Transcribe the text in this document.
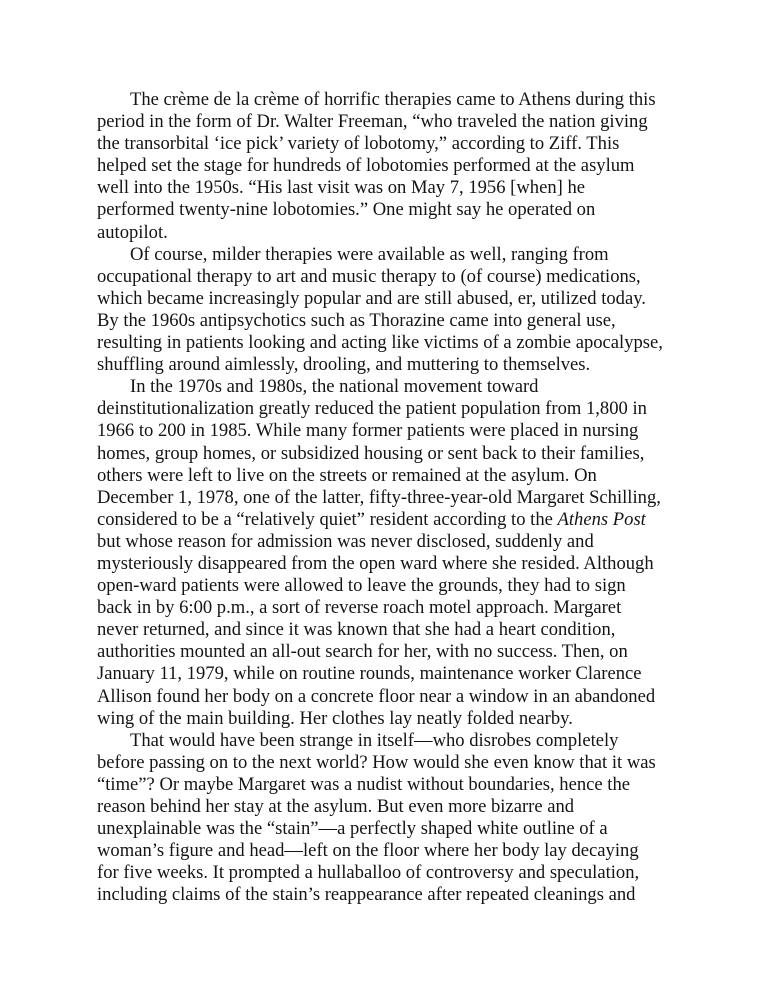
The crème de la crème of horrific therapies came to Athens during this
period in the form of Dr. Walter Freeman, “who traveled the nation giving
the transorbital ‘ice pick’ variety of lobotomy,” according to Ziff. This
helped set the stage for hundreds of lobotomies performed at the asylum
well into the 1950s. “His last visit was on May 7, 1956 [when] he
performed twenty-nine lobotomies.” One might say he operated on
autopilot.
Of course, milder therapies were available as well, ranging from
occupational therapy to art and music therapy to (of course) medications,
which became increasingly popular and are still abused, er, utilized today.
By the 1960s antipsychotics such as Thorazine came into general use,
resulting in patients looking and acting like victims of a zombie apocalypse,
shuffling around aimlessly, drooling, and muttering to themselves.
In the 1970s and 1980s, the national movement toward
deinstitutionalization greatly reduced the patient population from 1,800 in
1966 to 200 in 1985. While many former patients were placed in nursing
homes, group homes, or subsidized housing or sent back to their families,
others were left to live on the streets or remained at the asylum. On
December 1, 1978, one of the latter, fifty-three-year-old Margaret Schilling,
considered to be a “relatively quiet” resident according to the Athens Post
but whose reason for admission was never disclosed, suddenly and
mysteriously disappeared from the open ward where she resided. Although
open-ward patients were allowed to leave the grounds, they had to sign
back in by 6:00 p.m., a sort of reverse roach motel approach. Margaret
never returned, and since it was known that she had a heart condition,
authorities mounted an all-out search for her, with no success. Then, on
January 11, 1979, while on routine rounds, maintenance worker Clarence
Allison found her body on a concrete floor near a window in an abandoned
wing of the main building. Her clothes lay neatly folded nearby.
That would have been strange in itself—who disrobes completely
before passing on to the next world? How would she even know that it was
“time”? Or maybe Margaret was a nudist without boundaries, hence the
reason behind her stay at the asylum. But even more bizarre and
unexplainable was the “stain”—a perfectly shaped white outline of a
woman’s figure and head—left on the floor where her body lay decaying
for five weeks. It prompted a hullaballoo of controversy and speculation,
including claims of the stain’s reappearance after repeated cleanings and
